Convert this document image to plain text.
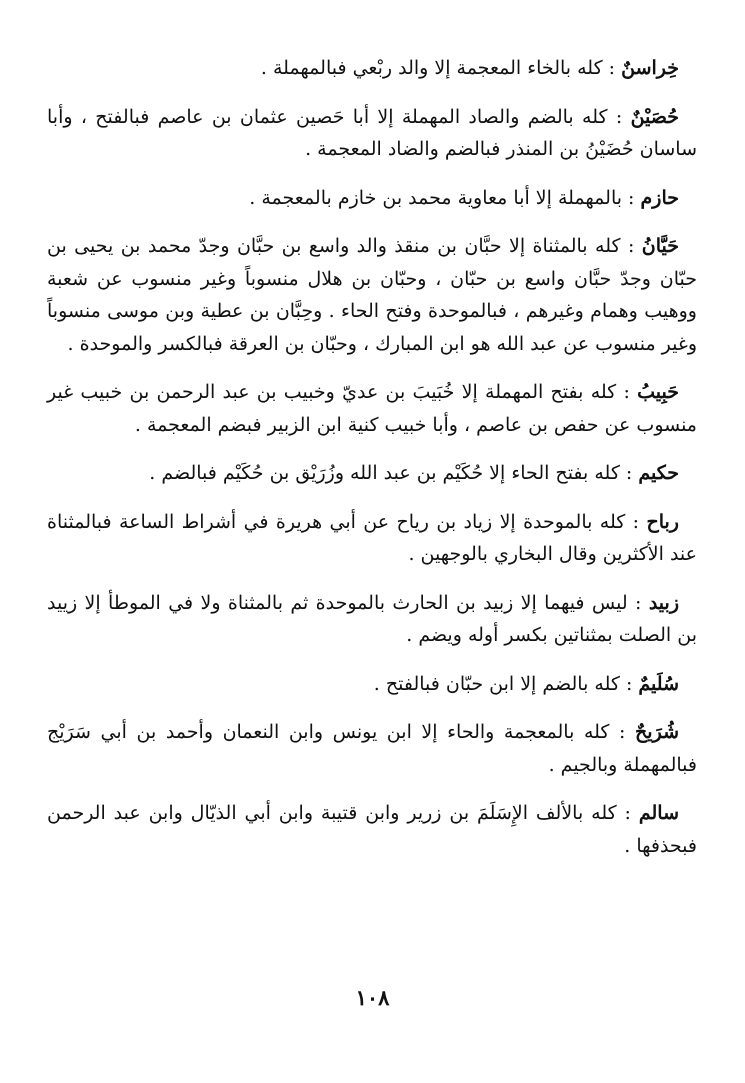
خِراسنٌ : كله بالخاء المعجمة إلا والد ربْعي فبالمهملة .

حُصَيْنٌ : كله بالضم والصاد المهملة إلا أبا حَصين عثمان بن عاصم فبالفتح ، وأبا ساسان حُضَيْنُ بن المنذر فبالضم والضاد المعجمة .

حازم : بالمهملة إلا أبا معاوية محمد بن خازم بالمعجمة .

حَيَّانُ : كله بالمثناة إلا حبَّان بن منقذ والد واسع بن حبَّان وجدّ محمد بن يحيى بن حبّان وجدّ حبَّان واسع بن حبّان ، وحبّان بن هلال منسوباً وغير منسوب عن شعبة ووهيب وهمام وغيرهم ، فبالموحدة وفتح الحاء . وحِبَّان بن عطية وبن موسى منسوباً وغير منسوب عن عبد الله هو ابن المبارك ، وحبّان بن العرقة فبالكسر والموحدة .

حَبِيبُ : كله بفتح المهملة إلا خُبَيبَ بن عديّ وخبيب بن عبد الرحمن بن خبيب غير منسوب عن حفص بن عاصم ، وأبا خبيب كنية ابن الزبير فبضم المعجمة .

حكيم : كله بفتح الحاء إلا حُكَيْم بن عبد الله وزُرَيْق بن حُكَيْم فبالضم .

رباح : كله بالموحدة إلا زياد بن رياح عن أبي هريرة في أشراط الساعة فبالمثناة عند الأكثرين وقال البخاري بالوجهين .

زبيد : ليس فيهما إلا زبيد بن الحارث بالموحدة ثم بالمثناة ولا في الموطأ إلا زييد بن الصلت بمثناتين بكسر أوله ويضم .

سُلَيمٌ : كله بالضم إلا ابن حبّان فبالفتح .

شُرَيحٌ : كله بالمعجمة والحاء إلا ابن يونس وابن النعمان وأحمد بن أبي سَرَيْج فبالمهملة وبالجيم .

سالم : كله بالألف الإِسَلَمَ بن زرير وابن قتيبة وابن أبي الذيّال وابن عبد الرحمن فبحذفها .

١٠٨
